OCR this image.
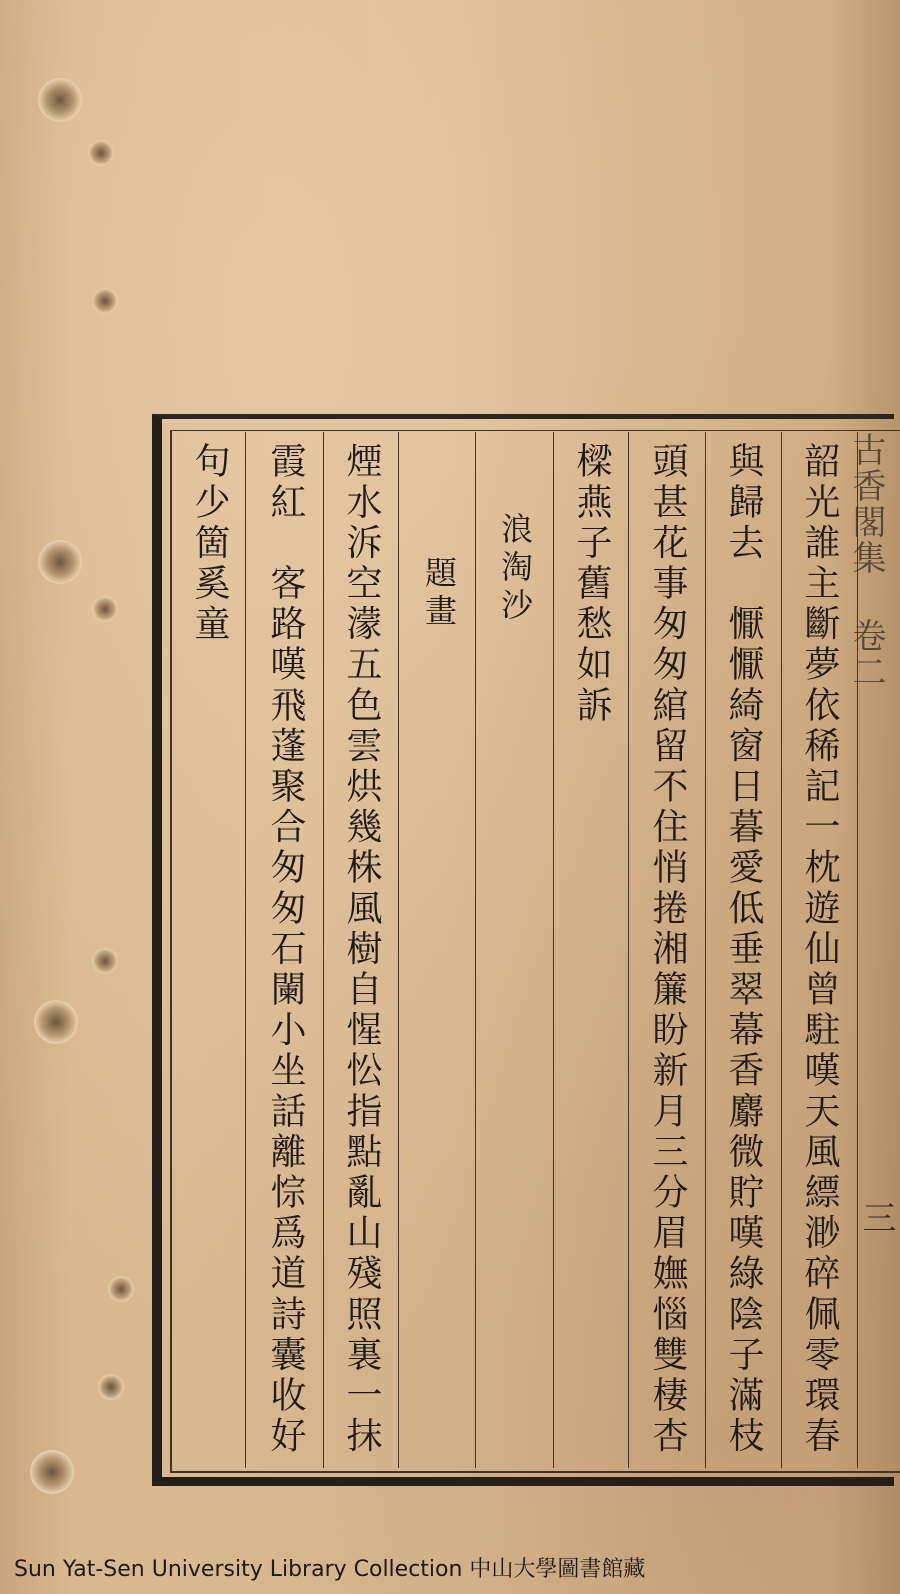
古香閣集 卷二
韶光誰主斷夢依稀記一枕遊仙曾駐嘆天風縹渺碎佩零環春
與歸去　懨懨綺窗日暮愛低垂翠幕香麝微貯嘆綠陰子滿枝
頭甚花事匆匆綰留不住悄捲湘簾盼新月三分眉嫵惱雙棲杏
樑燕子舊愁如訴
浪淘沙
題畫
煙水泝空濛五色雲烘幾株風樹自惺忪指點亂山殘照裏一抹
霞紅　客路嘆飛蓬聚合匆匆石闌小坐話離悰爲道詩囊收好
句少箇奚童
三
Sun Yat-Sen University Library Collection 中山大學圖書館藏
